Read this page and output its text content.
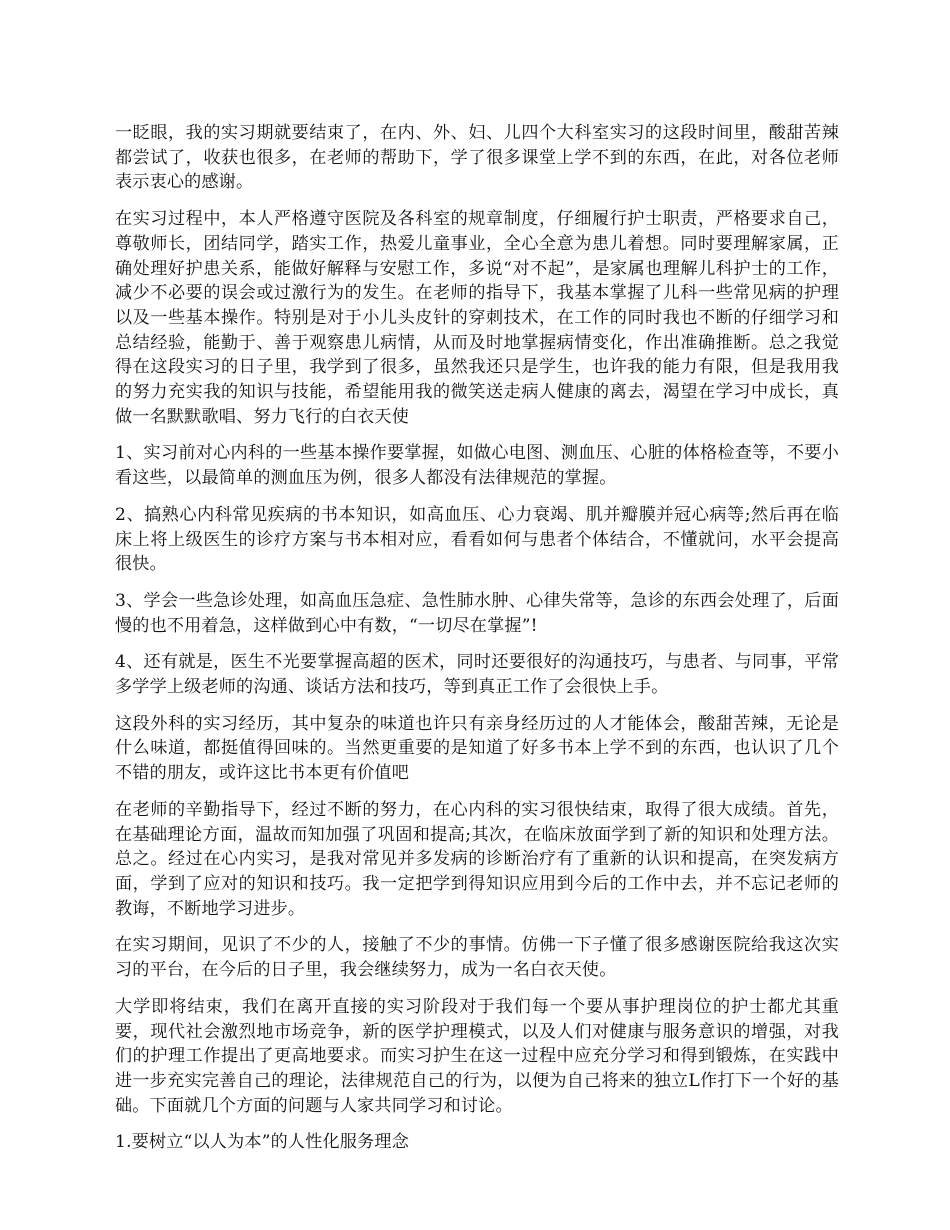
一眨眼，我的实习期就要结束了，在内、外、妇、儿四个大科室实习的这段时间里，酸甜苦辣都尝试了，收获也很多，在老师的帮助下，学了很多课堂上学不到的东西，在此，对各位老师表示衷心的感谢。

在实习过程中，本人严格遵守医院及各科室的规章制度，仔细履行护士职责，严格要求自己，尊敬师长，团结同学，踏实工作，热爱儿童事业，全心全意为患儿着想。同时要理解家属，正确处理好护患关系，能做好解释与安慰工作，多说“对不起”，是家属也理解儿科护士的工作，减少不必要的误会或过激行为的发生。在老师的指导下，我基本掌握了儿科一些常见病的护理以及一些基本操作。特别是对于小儿头皮针的穿刺技术，在工作的同时我也不断的仔细学习和总结经验，能勤于、善于观察患儿病情，从而及时地掌握病情变化，作出准确推断。总之我觉得在这段实习的日子里，我学到了很多，虽然我还只是学生，也许我的能力有限，但是我用我的努力充实我的知识与技能，希望能用我的微笑送走病人健康的离去，渴望在学习中成长，真做一名默默歌唱、努力飞行的白衣天使

1、实习前对心内科的一些基本操作要掌握，如做心电图、测血压、心脏的体格检查等，不要小看这些，以最简单的测血压为例，很多人都没有法律规范的掌握。

2、搞熟心内科常见疾病的书本知识，如高血压、心力衰竭、肌并瓣膜并冠心病等;然后再在临床上将上级医生的诊疗方案与书本相对应，看看如何与患者个体结合，不懂就问，水平会提高很快。

3、学会一些急诊处理，如高血压急症、急性肺水肿、心律失常等，急诊的东西会处理了，后面慢的也不用着急，这样做到心中有数，“一切尽在掌握”!

4、还有就是，医生不光要掌握高超的医术，同时还要很好的沟通技巧，与患者、与同事，平常多学学上级老师的沟通、谈话方法和技巧，等到真正工作了会很快上手。

这段外科的实习经历，其中复杂的味道也许只有亲身经历过的人才能体会，酸甜苦辣，无论是什么味道，都挺值得回味的。当然更重要的是知道了好多书本上学不到的东西，也认识了几个不错的朋友，或许这比书本更有价值吧

在老师的辛勤指导下，经过不断的努力，在心内科的实习很快结束，取得了很大成绩。首先，在基础理论方面，温故而知加强了巩固和提高;其次，在临床放面学到了新的知识和处理方法。总之。经过在心内实习，是我对常见并多发病的诊断治疗有了重新的认识和提高，在突发病方面，学到了应对的知识和技巧。我一定把学到得知识应用到今后的工作中去，并不忘记老师的教诲，不断地学习进步。

在实习期间，见识了不少的人，接触了不少的事情。仿佛一下子懂了很多感谢医院给我这次实习的平台，在今后的日子里，我会继续努力，成为一名白衣天使。

大学即将结束，我们在离开直接的实习阶段对于我们每一个要从事护理岗位的护士都尤其重要，现代社会激烈地市场竞争，新的医学护理模式，以及人们对健康与服务意识的增强，对我们的护理工作提出了更高地要求。而实习护生在这一过程中应充分学习和得到锻炼，在实践中进一步充实完善自己的理论，法律规范自己的行为，以便为自己将来的独立L作打下一个好的基础。下面就几个方面的问题与人家共同学习和讨论。

1.要树立“以人为本”的人性化服务理念
